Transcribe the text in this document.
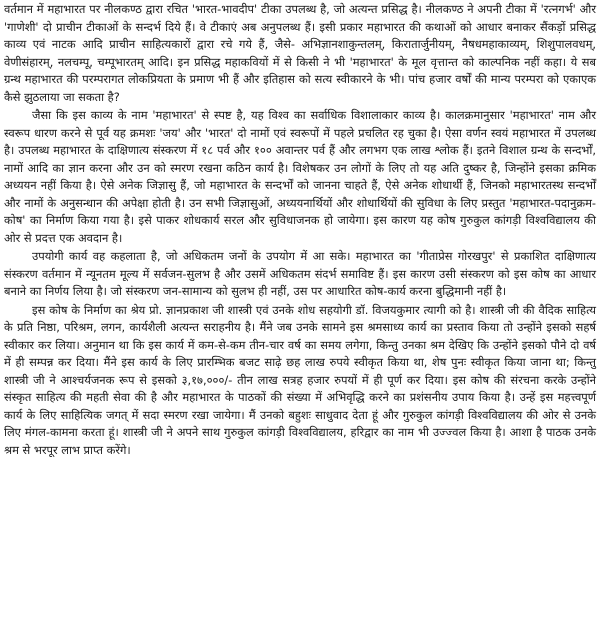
वर्तमान में महाभारत पर नीलकण्ठ द्वारा रचित 'भारत-भावदीप' टीका उपलब्ध है, जो अत्यन्त प्रसिद्ध है। नीलकण्ठ ने अपनी टीका में 'रत्नगर्भ' और 'गाणेशी' दो प्राचीन टीकाओं के सन्दर्भ दिये हैं। वे टीकाएं अब अनुपलब्ध हैं। इसी प्रकार महाभारत की कथाओं को आधार बनाकर सैंकड़ों प्रसिद्ध काव्य एवं नाटक आदि प्राचीन साहित्यकारों द्वारा रचे गये हैं, जैसे- अभिज्ञानशाकुन्तलम्, किरातार्जुनीयम्, नैषधमहाकाव्यम्, शिशुपालवधम्, वेणीसंहारम्, नलचम्पू, चम्पूभारतम् आदि। इन प्रसिद्ध महाकवियों में से किसी ने भी 'महाभारत' के मूल वृत्तान्त को काल्पनिक नहीं कहा। ये सब ग्रन्थ महाभारत की परम्परागत लोकप्रियता के प्रमाण भी हैं और इतिहास को सत्य स्वीकारने के भी। पांच हजार वर्षों की मान्य परम्परा को एकाएक कैसे झुठलाया जा सकता है?

जैसा कि इस काव्य के नाम 'महाभारत' से स्पष्ट है, यह विश्व का सर्वाधिक विशालाकार काव्य है। कालक्रमानुसार 'महाभारत' नाम और स्वरूप धारण करने से पूर्व यह क्रमशः 'जय' और 'भारत' दो नामों एवं स्वरूपों में पहले प्रचलित रह चुका है। ऐसा वर्णन स्वयं महाभारत में उपलब्ध है। उपलब्ध महाभारत के दाक्षिणात्य संस्करण में १८ पर्व और १०० अवान्तर पर्व हैं और लगभग एक लाख श्लोक हैं। इतने विशाल ग्रन्थ के सन्दर्भों, नामों आदि का ज्ञान करना और उन को स्मरण रखना कठिन कार्य है। विशेषकर उन लोगों के लिए तो यह अति दुष्कर है, जिन्होंने इसका क्रमिक अध्ययन नहीं किया है। ऐसे अनेक जिज्ञासु हैं, जो महाभारत के सन्दर्भों को जानना चाहते हैं, ऐसे अनेक शोधार्थी हैं, जिनको महाभारतस्थ सन्दर्भों और नामों के अनुसन्धान की अपेक्षा होती है। उन सभी जिज्ञासुओं, अध्ययनार्थियों और शोधार्थियों की सुविधा के लिए प्रस्तुत 'महाभारत-पदानुक्रम-कोष' का निर्माण किया गया है। इसे पाकर शोधकार्य सरल और सुविधाजनक हो जायेगा। इस कारण यह कोष गुरुकुल कांगड़ी विश्वविद्यालय की ओर से प्रदत्त एक अवदान है।

उपयोगी कार्य वह कहलाता है, जो अधिकतम जनों के उपयोग में आ सके। महाभारत का 'गीताप्रेस गोरखपुर' से प्रकाशित दाक्षिणात्य संस्करण वर्तमान में न्यूनतम मूल्य में सर्वजन-सुलभ है और उसमें अधिकतम संदर्भ समाविष्ट हैं। इस कारण उसी संस्करण को इस कोष का आधार बनाने का निर्णय लिया है। जो संस्करण जन-सामान्य को सुलभ ही नहीं, उस पर आधारित कोष-कार्य करना बुद्धिमानी नहीं है।

इस कोष के निर्माण का श्रेय प्रो. ज्ञानप्रकाश जी शास्त्री एवं उनके शोध सहयोगी डॉ. विजयकुमार त्यागी को है। शास्त्री जी की वैदिक साहित्य के प्रति निष्ठा, परिश्रम, लगन, कार्यशैली अत्यन्त सराहनीय है। मैंने जब उनके सामने इस श्रमसाध्य कार्य का प्रस्ताव किया तो उन्होंने इसको सहर्ष स्वीकार कर लिया। अनुमान था कि इस कार्य में कम-से-कम तीन-चार वर्ष का समय लगेगा, किन्तु उनका श्रम देखिए कि उन्होंने इसको पौने दो वर्ष में ही सम्पन्न कर दिया। मैंने इस कार्य के लिए प्रारम्भिक बजट साढ़े छह लाख रुपये स्वीकृत किया था, शेष पुनः स्वीकृत किया जाना था; किन्तु शास्त्री जी ने आश्चर्यजनक रूप से इसको ३,१७,०००/- तीन लाख सत्रह हजार रुपयों में ही पूर्ण कर दिया। इस कोष की संरचना करके उन्होंने संस्कृत साहित्य की महती सेवा की है और महाभारत के पाठकों की संख्या में अभिवृद्धि करने का प्रशंसनीय उपाय किया है। उन्हें इस महत्त्वपूर्ण कार्य के लिए साहित्यिक जगत् में सदा स्मरण रखा जायेगा। मैं उनको बहुशः साधुवाद देता हूं और गुरुकुल कांगड़ी विश्वविद्यालय की ओर से उनके लिए मंगल-कामना करता हूं। शास्त्री जी ने अपने साथ गुरुकुल कांगड़ी विश्वविद्यालय, हरिद्वार का नाम भी उज्ज्वल किया है। आशा है पाठक उनके श्रम से भरपूर लाभ प्राप्त करेंगे।
